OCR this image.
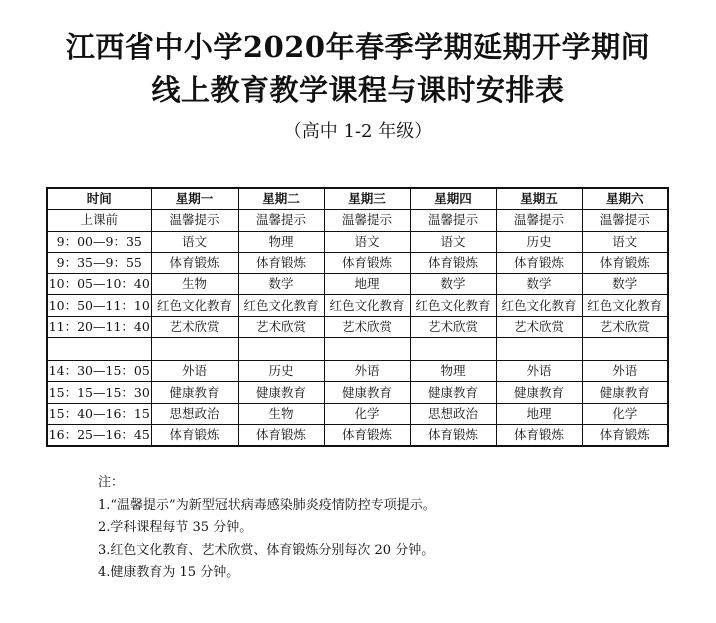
江西省中小学2020年春季学期延期开学期间
线上教育教学课程与课时安排表
（高中 1-2 年级）
时间	星期一	星期二	星期三	星期四	星期五	星期六
上课前	温馨提示	温馨提示	温馨提示	温馨提示	温馨提示	温馨提示
9：00—9：35	语文	物理	语文	语文	历史	语文
9：35—9：55	体育锻炼	体育锻炼	体育锻炼	体育锻炼	体育锻炼	体育锻炼
10：05—10：40	生物	数学	地理	数学	数学	数学
10：50—11：10	红色文化教育	红色文化教育	红色文化教育	红色文化教育	红色文化教育	红色文化教育
11：20—11：40	艺术欣赏	艺术欣赏	艺术欣赏	艺术欣赏	艺术欣赏	艺术欣赏

14：30—15：05	外语	历史	外语	物理	外语	外语
15：15—15：30	健康教育	健康教育	健康教育	健康教育	健康教育	健康教育
15：40—16：15	思想政治	生物	化学	思想政治	地理	化学
16：25—16：45	体育锻炼	体育锻炼	体育锻炼	体育锻炼	体育锻炼	体育锻炼
注：
1.“温馨提示”为新型冠状病毒感染肺炎疫情防控专项提示。
2.学科课程每节 35 分钟。
3.红色文化教育、艺术欣赏、体育锻炼分别每次 20 分钟。
4.健康教育为 15 分钟。
